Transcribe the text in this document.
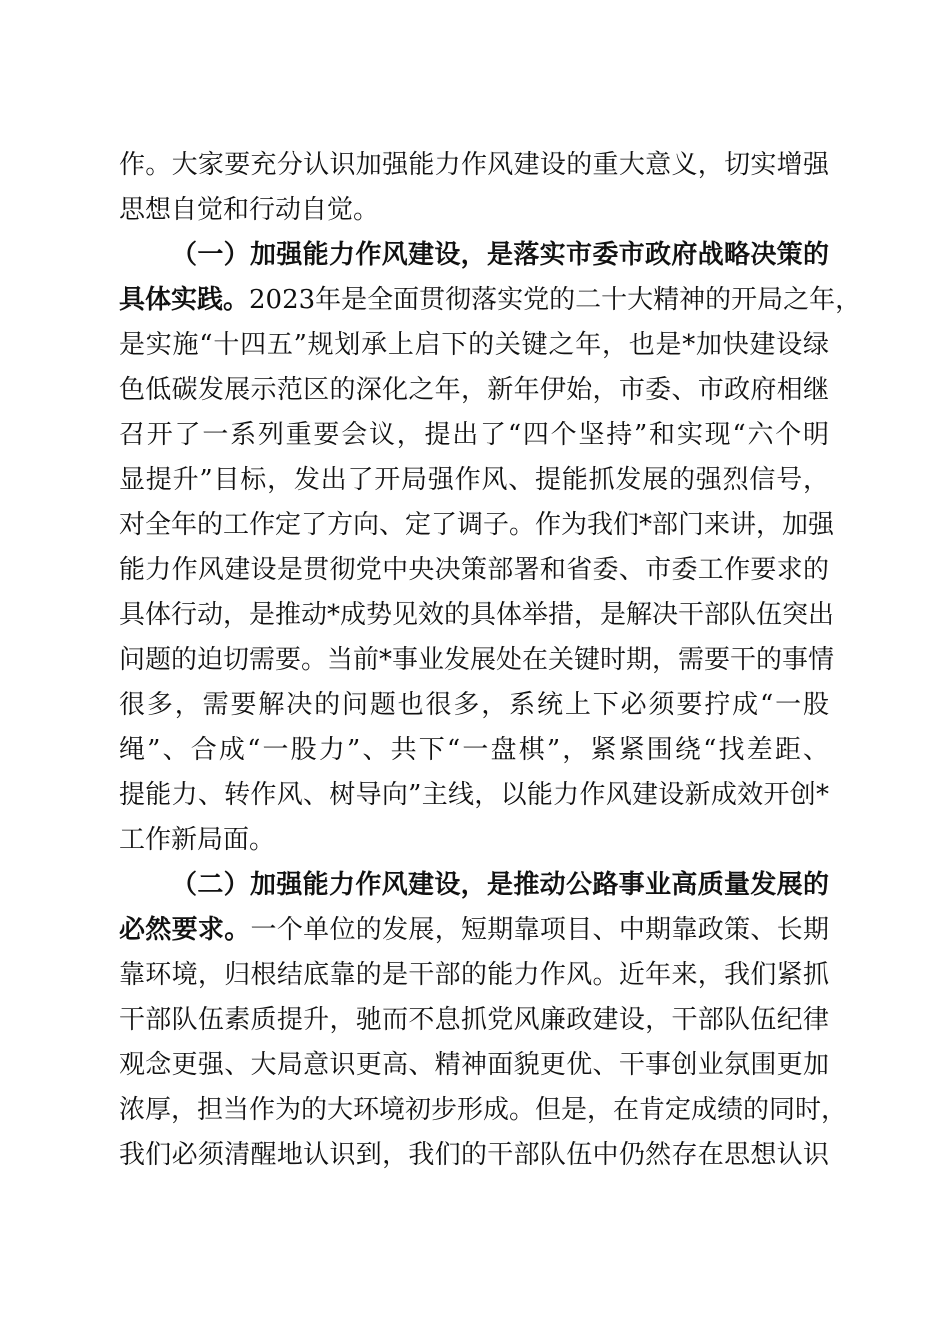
作。大家要充分认识加强能力作风建设的重大意义，切实增强
思想自觉和行动自觉。
（一）加强能力作风建设，是落实市委市政府战略决策的
具体实践。2023年是全面贯彻落实党的二十大精神的开局之年，
是实施“十四五”规划承上启下的关键之年，也是*加快建设绿
色低碳发展示范区的深化之年，新年伊始，市委、市政府相继
召开了一系列重要会议，提出了“四个坚持”和实现“六个明
显提升”目标，发出了开局强作风、提能抓发展的强烈信号，
对全年的工作定了方向、定了调子。作为我们*部门来讲，加强
能力作风建设是贯彻党中央决策部署和省委、市委工作要求的
具体行动，是推动*成势见效的具体举措，是解决干部队伍突出
问题的迫切需要。当前*事业发展处在关键时期，需要干的事情
很多，需要解决的问题也很多，系统上下必须要拧成“一股
绳”、合成“一股力”、共下“一盘棋”，紧紧围绕“找差距、
提能力、转作风、树导向”主线，以能力作风建设新成效开创*
工作新局面。
（二）加强能力作风建设，是推动公路事业高质量发展的
必然要求。一个单位的发展，短期靠项目、中期靠政策、长期
靠环境，归根结底靠的是干部的能力作风。近年来，我们紧抓
干部队伍素质提升，驰而不息抓党风廉政建设，干部队伍纪律
观念更强、大局意识更高、精神面貌更优、干事创业氛围更加
浓厚，担当作为的大环境初步形成。但是，在肯定成绩的同时，
我们必须清醒地认识到，我们的干部队伍中仍然存在思想认识
